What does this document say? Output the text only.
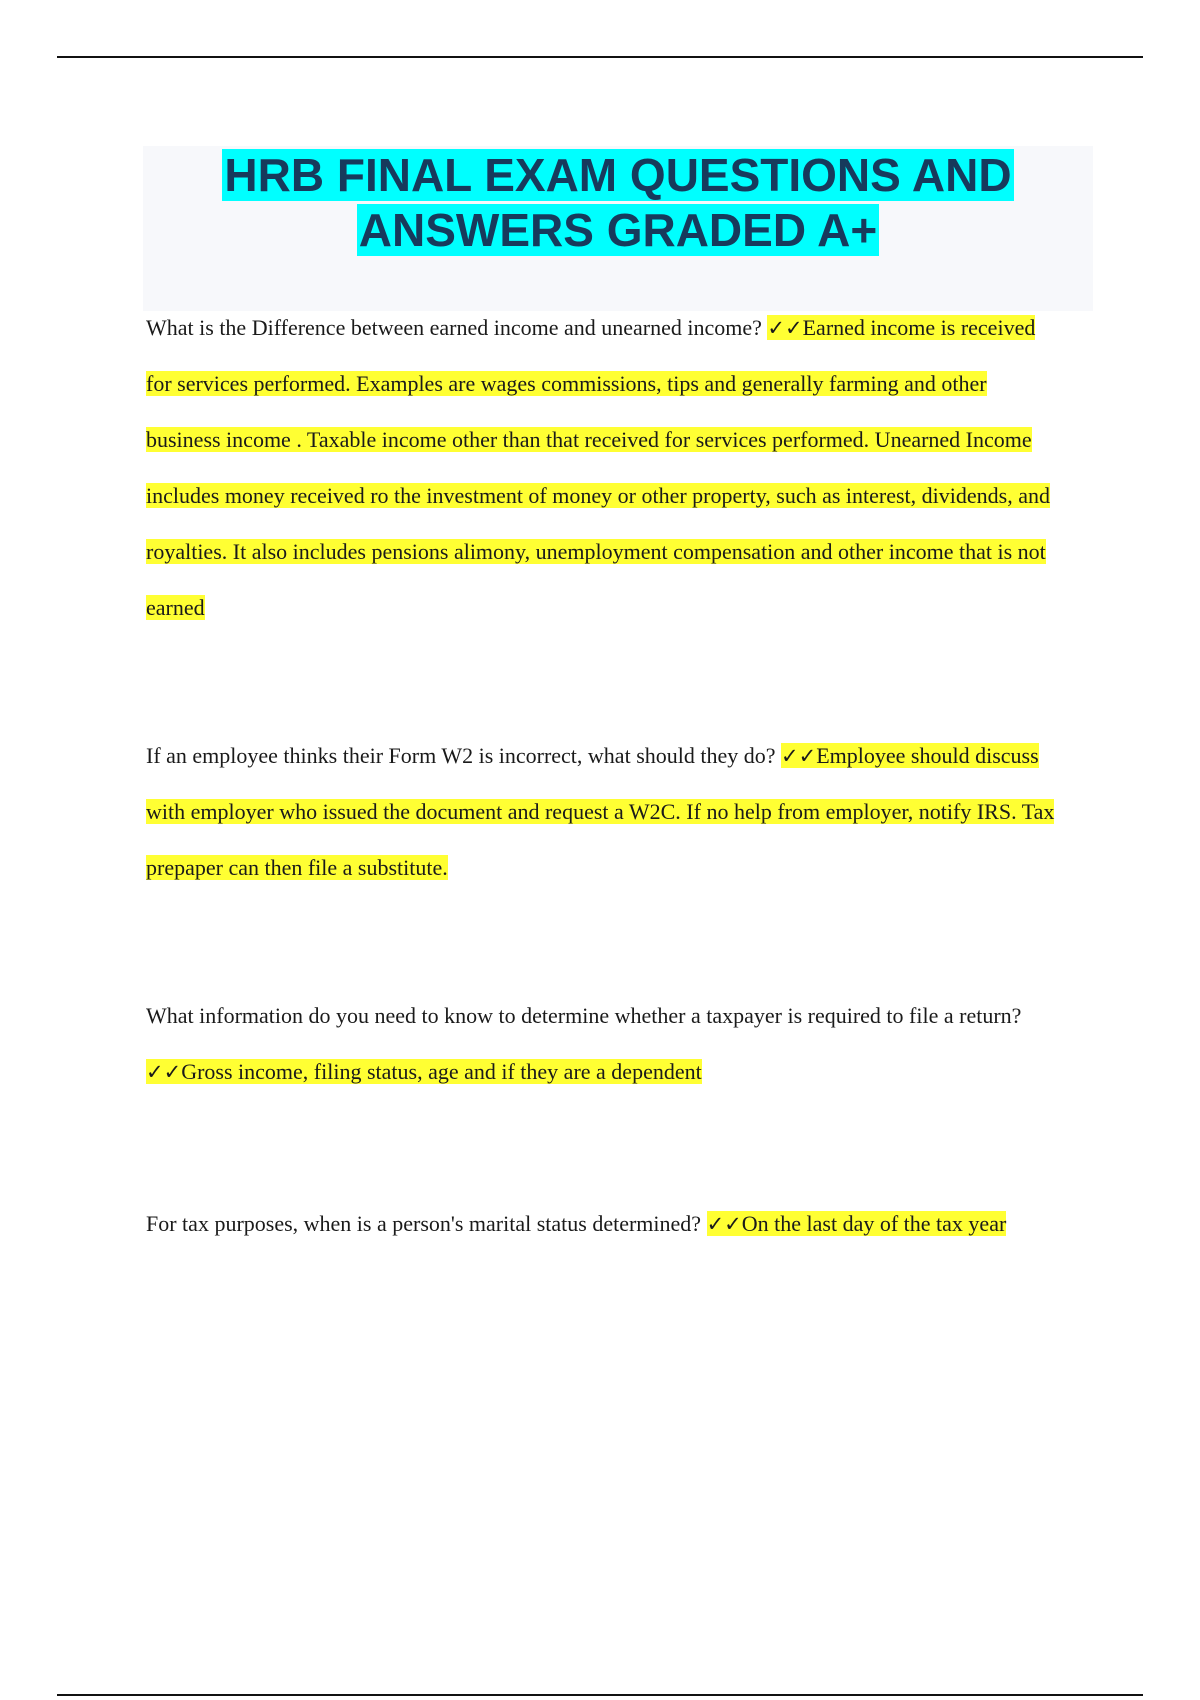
HRB FINAL EXAM QUESTIONS AND
ANSWERS GRADED A+

What is the Difference between earned income and unearned income? ✓✓Earned income is received for services performed. Examples are wages commissions, tips and generally farming and other business income . Taxable income other than that received for services performed. Unearned Income includes money received ro the investment of money or other property, such as interest, dividends, and royalties. It also includes pensions alimony, unemployment compensation and other income that is not earned

If an employee thinks their Form W2 is incorrect, what should they do? ✓✓Employee should discuss with employer who issued the document and request a W2C. If no help from employer, notify IRS. Tax prepaper can then file a substitute.

What information do you need to know to determine whether a taxpayer is required to file a return? ✓✓Gross income, filing status, age and if they are a dependent

For tax purposes, when is a person's marital status determined? ✓✓On the last day of the tax year
